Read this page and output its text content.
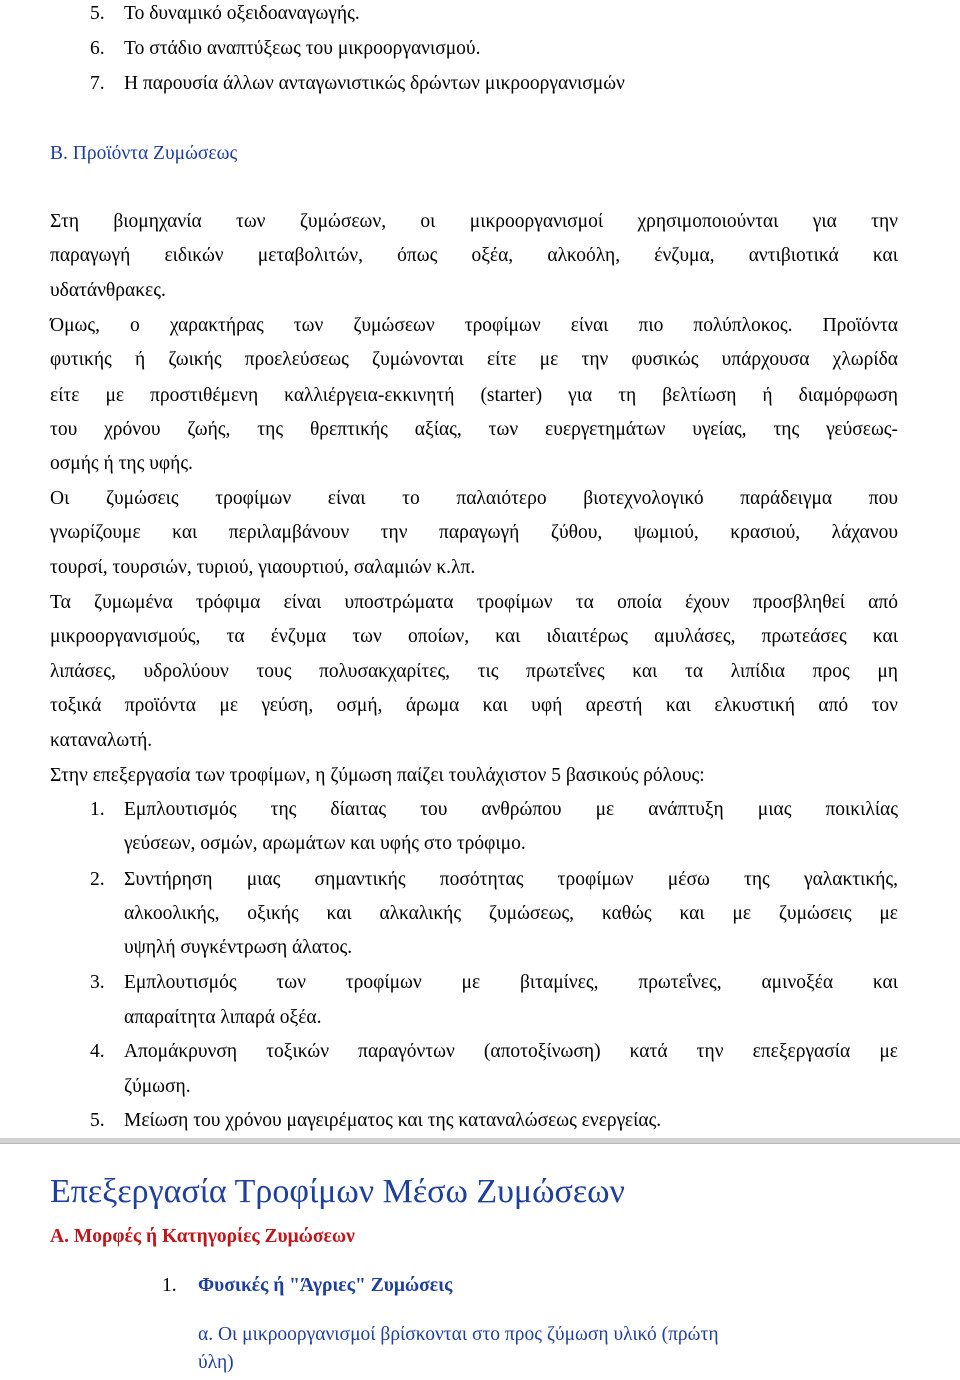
5. Το δυναμικό οξειδοαναγωγής.
6. Το στάδιο αναπτύξεως του μικροοργανισμού.
7. Η παρουσία άλλων ανταγωνιστικώς δρώντων μικροοργανισμών
Β. Προϊόντα Ζυμώσεως
Στη βιομηχανία των ζυμώσεων, οι μικροοργανισμοί χρησιμοποιούνται για την
παραγωγή ειδικών μεταβολιτών, όπως οξέα, αλκοόλη, ένζυμα, αντιβιοτικά και
υδατάνθρακες.
Όμως, ο χαρακτήρας των ζυμώσεων τροφίμων είναι πιο πολύπλοκος. Προϊόντα
φυτικής ή ζωικής προελεύσεως ζυμώνονται είτε με την φυσικώς υπάρχουσα χλωρίδα
είτε με προστιθέμενη καλλιέργεια-εκκινητή (starter) για τη βελτίωση ή διαμόρφωση
του χρόνου ζωής, της θρεπτικής αξίας, των ευεργετημάτων υγείας, της γεύσεως-
οσμής ή της υφής.
Οι ζυμώσεις τροφίμων είναι το παλαιότερο βιοτεχνολογικό παράδειγμα που
γνωρίζουμε και περιλαμβάνουν την παραγωγή ζύθου, ψωμιού, κρασιού, λάχανου
τουρσί, τουρσιών, τυριού, γιαουρτιού, σαλαμιών κ.λπ.
Τα ζυμωμένα τρόφιμα είναι υποστρώματα τροφίμων τα οποία έχουν προσβληθεί από
μικροοργανισμούς, τα ένζυμα των οποίων, και ιδιαιτέρως αμυλάσες, πρωτεάσες και
λιπάσες, υδρολύουν τους πολυσακχαρίτες, τις πρωτεΐνες και τα λιπίδια προς μη
τοξικά προϊόντα με γεύση, οσμή, άρωμα και υφή αρεστή και ελκυστική από τον
καταναλωτή.
Στην επεξεργασία των τροφίμων, η ζύμωση παίζει τουλάχιστον 5 βασικούς ρόλους:
1. Εμπλουτισμός της δίαιτας του ανθρώπου με ανάπτυξη μιας ποικιλίας
γεύσεων, οσμών, αρωμάτων και υφής στο τρόφιμο.
2. Συντήρηση μιας σημαντικής ποσότητας τροφίμων μέσω της γαλακτικής,
αλκοολικής, οξικής και αλκαλικής ζυμώσεως, καθώς και με ζυμώσεις με
υψηλή συγκέντρωση άλατος.
3. Εμπλουτισμός των τροφίμων με βιταμίνες, πρωτεΐνες, αμινοξέα και
απαραίτητα λιπαρά οξέα.
4. Απομάκρυνση τοξικών παραγόντων (αποτοξίνωση) κατά την επεξεργασία με
ζύμωση.
5. Μείωση του χρόνου μαγειρέματος και της καταναλώσεως ενεργείας.
Επεξεργασία Τροφίμων Μέσω Ζυμώσεων
Α. Μορφές ή Κατηγορίες Ζυμώσεων
1. Φυσικές ή "Άγριες" Ζυμώσεις
α. Οι μικροοργανισμοί βρίσκονται στο προς ζύμωση υλικό (πρώτη
ύλη)
